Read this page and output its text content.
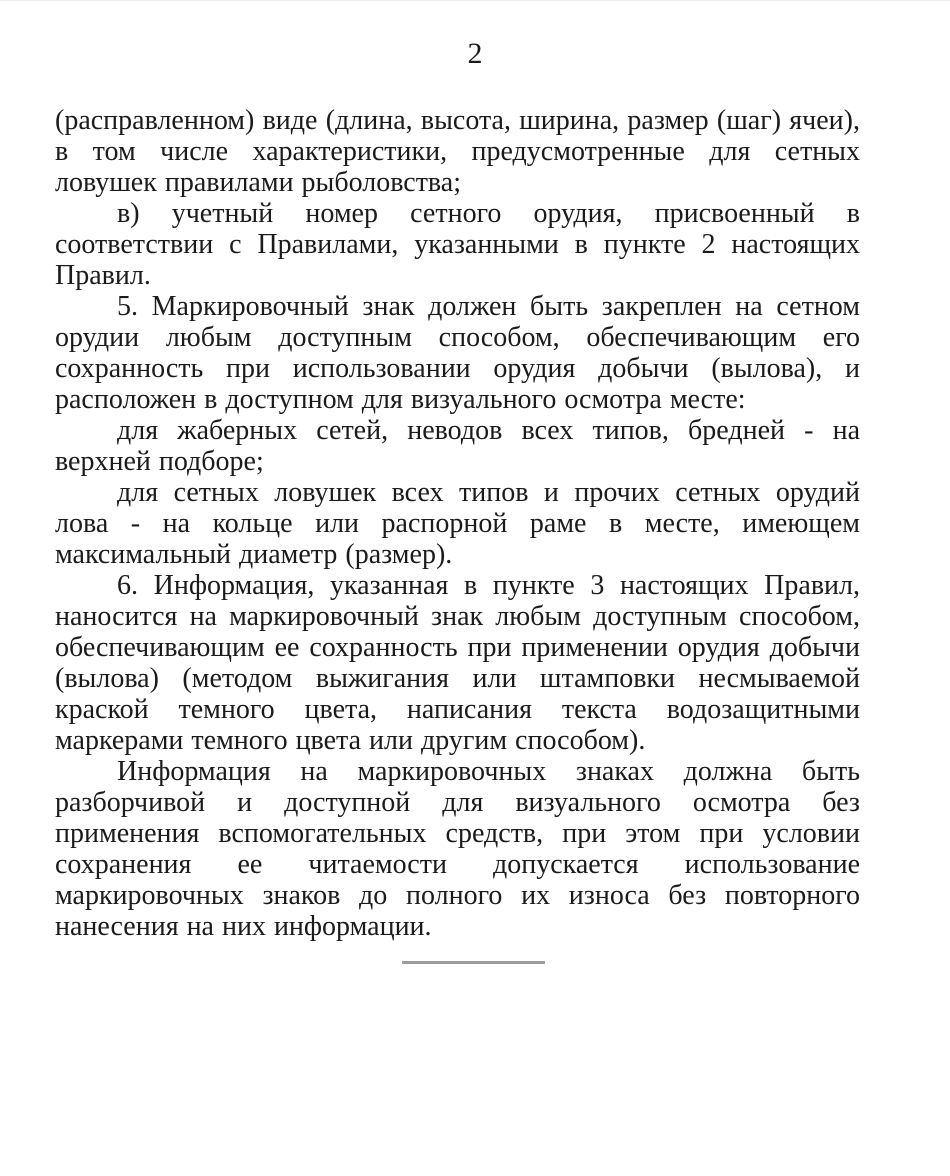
2

(расправленном) виде (длина, высота, ширина, размер (шаг) ячеи), в том числе характеристики, предусмотренные для сетных ловушек правилами рыболовства;

в) учетный номер сетного орудия, присвоенный в соответствии с Правилами, указанными в пункте 2 настоящих Правил.

5. Маркировочный знак должен быть закреплен на сетном орудии любым доступным способом, обеспечивающим его сохранность при использовании орудия добычи (вылова), и расположен в доступном для визуального осмотра месте:

для жаберных сетей, неводов всех типов, бредней - на верхней подборе;

для сетных ловушек всех типов и прочих сетных орудий лова - на кольце или распорной раме в месте, имеющем максимальный диаметр (размер).

6. Информация, указанная в пункте 3 настоящих Правил, наносится на маркировочный знак любым доступным способом, обеспечивающим ее сохранность при применении орудия добычи (вылова) (методом выжигания или штамповки несмываемой краской темного цвета, написания текста водозащитными маркерами темного цвета или другим способом).

Информация на маркировочных знаках должна быть разборчивой и доступной для визуального осмотра без применения вспомогательных средств, при этом при условии сохранения ее читаемости допускается использование маркировочных знаков до полного их износа без повторного нанесения на них информации.
